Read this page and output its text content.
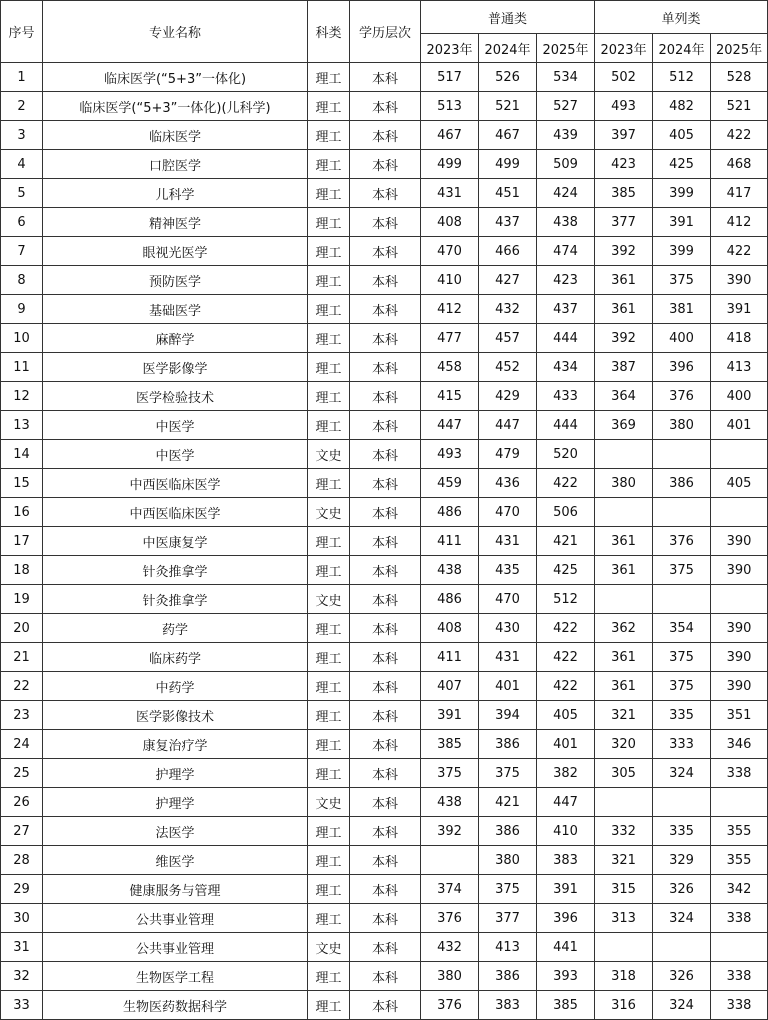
序号	专业名称	科类	学历层次	普通类			单列类		
				2023年	2024年	2025年	2023年	2024年	2025年
1	临床医学(“5+3”一体化)	理工	本科	517	526	534	502	512	528
2	临床医学(“5+3”一体化)(儿科学)	理工	本科	513	521	527	493	482	521
3	临床医学	理工	本科	467	467	439	397	405	422
4	口腔医学	理工	本科	499	499	509	423	425	468
5	儿科学	理工	本科	431	451	424	385	399	417
6	精神医学	理工	本科	408	437	438	377	391	412
7	眼视光医学	理工	本科	470	466	474	392	399	422
8	预防医学	理工	本科	410	427	423	361	375	390
9	基础医学	理工	本科	412	432	437	361	381	391
10	麻醉学	理工	本科	477	457	444	392	400	418
11	医学影像学	理工	本科	458	452	434	387	396	413
12	医学检验技术	理工	本科	415	429	433	364	376	400
13	中医学	理工	本科	447	447	444	369	380	401
14	中医学	文史	本科	493	479	520			
15	中西医临床医学	理工	本科	459	436	422	380	386	405
16	中西医临床医学	文史	本科	486	470	506			
17	中医康复学	理工	本科	411	431	421	361	376	390
18	针灸推拿学	理工	本科	438	435	425	361	375	390
19	针灸推拿学	文史	本科	486	470	512			
20	药学	理工	本科	408	430	422	362	354	390
21	临床药学	理工	本科	411	431	422	361	375	390
22	中药学	理工	本科	407	401	422	361	375	390
23	医学影像技术	理工	本科	391	394	405	321	335	351
24	康复治疗学	理工	本科	385	386	401	320	333	346
25	护理学	理工	本科	375	375	382	305	324	338
26	护理学	文史	本科	438	421	447			
27	法医学	理工	本科	392	386	410	332	335	355
28	维医学	理工	本科		380	383	321	329	355
29	健康服务与管理	理工	本科	374	375	391	315	326	342
30	公共事业管理	理工	本科	376	377	396	313	324	338
31	公共事业管理	文史	本科	432	413	441			
32	生物医学工程	理工	本科	380	386	393	318	326	338
33	生物医药数据科学	理工	本科	376	383	385	316	324	338
